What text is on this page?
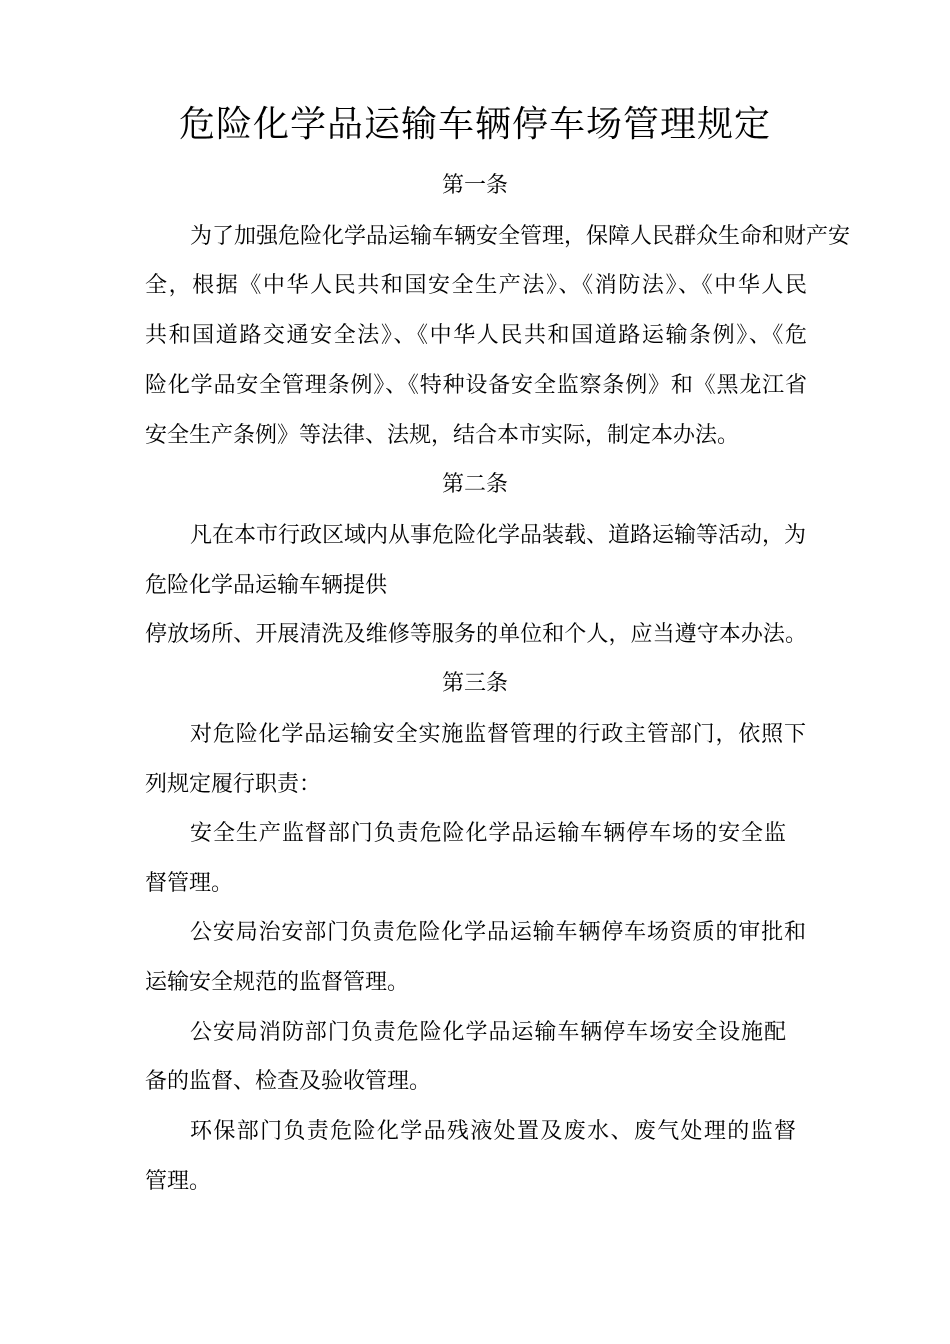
危险化学品运输车辆停车场管理规定
第一条
为了加强危险化学品运输车辆安全管理，保障人民群众生命和财产安
全，根据《中华人民共和国安全生产法》、《消防法》、《中华人民
共和国道路交通安全法》、《中华人民共和国道路运输条例》、《危
险化学品安全管理条例》、《特种设备安全监察条例》和《黑龙江省
安全生产条例》等法律、法规，结合本市实际，制定本办法。
第二条
凡在本市行政区域内从事危险化学品装载、道路运输等活动，为
危险化学品运输车辆提供
停放场所、开展清洗及维修等服务的单位和个人，应当遵守本办法。
第三条
对危险化学品运输安全实施监督管理的行政主管部门，依照下
列规定履行职责：
安全生产监督部门负责危险化学品运输车辆停车场的安全监
督管理。
公安局治安部门负责危险化学品运输车辆停车场资质的审批和
运输安全规范的监督管理。
公安局消防部门负责危险化学品运输车辆停车场安全设施配
备的监督、检查及验收管理。
环保部门负责危险化学品残液处置及废水、废气处理的监督
管理。
